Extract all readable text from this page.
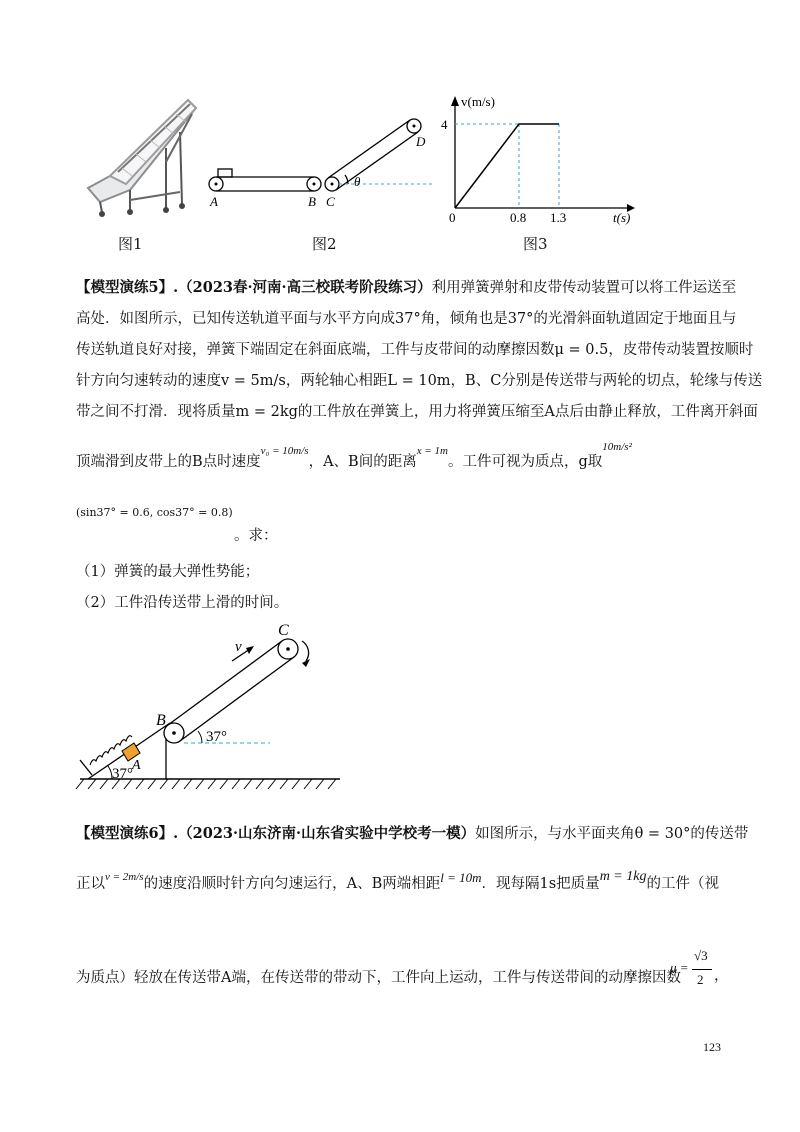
图1
A	B C
D
θ
图2
v(m/s)
4
0	0.8 1.3	t(s)
图3
【模型演练5】.（2023春·河南·高三校联考阶段练习）利用弹簧弹射和皮带传动装置可以将工件运送至
高处．如图所示，已知传送轨道平面与水平方向成37°角，倾角也是37°的光滑斜面轨道固定于地面且与
传送轨道良好对接，弹簧下端固定在斜面底端，工件与皮带间的动摩擦因数μ = 0.5，皮带传动装置按顺时
针方向匀速转动的速度v = 5m/s，两轮轴心相距L = 10m，B、C分别是传送带与两轮的切点，轮缘与传送
带之间不打滑．现将质量m = 2kg的工件放在弹簧上，用力将弹簧压缩至A点后由静止释放，工件离开斜面
顶端滑到皮带上的B点时速度$^{v_0 = 10m/s}$，A、B间的距离$^{x = 1m}$。工件可视为质点，g取$^{10m/s^2}$
$^{(sin37^\circ = 0.6, cos37^\circ = 0.8)}$
。求：
（1）弹簧的最大弹性势能；
（2）工件沿传送带上滑的时间。
B
C
v
A
37°
37°
【模型演练6】.（2023·山东济南·山东省实验中学校考一模）如图所示，与水平面夹角θ = 30°的传送带
正以$^{v = 2m/s}$的速度沿顺时针方向匀速运行，A、B两端相距l = 10m．现每隔1s把质量m = 1kg的工件（视
为质点）轻放在传送带A端，在传送带的带动下，工件向上运动，工件与传送带间的动摩擦因数
μ =
√3
2 ，
123
